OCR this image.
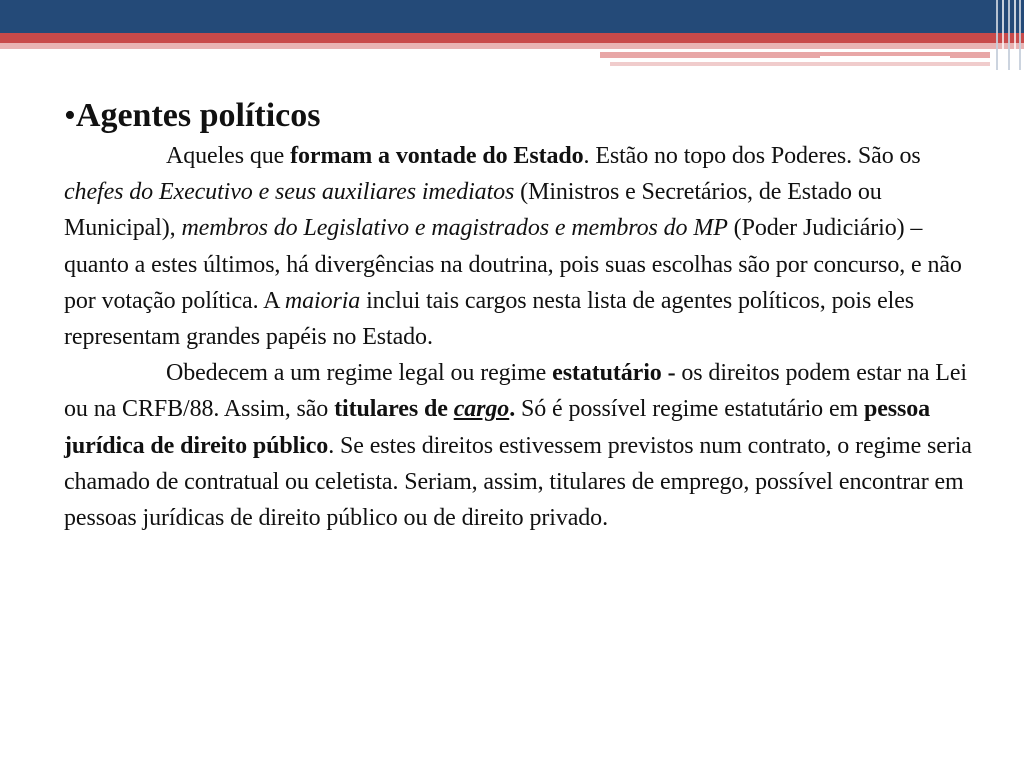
•Agentes políticos

Aqueles que formam a vontade do Estado. Estão no topo dos Poderes. São os chefes do Executivo e seus auxiliares imediatos (Ministros e Secretários, de Estado ou Municipal), membros do Legislativo e magistrados e membros do MP (Poder Judiciário) – quanto a estes últimos, há divergências na doutrina, pois suas escolhas são por concurso, e não por votação política. A maioria inclui tais cargos nesta lista de agentes políticos, pois eles representam grandes papéis no Estado.

Obedecem a um regime legal ou regime estatutário - os direitos podem estar na Lei ou na CRFB/88. Assim, são titulares de cargo. Só é possível regime estatutário em pessoa jurídica de direito público. Se estes direitos estivessem previstos num contrato, o regime seria chamado de contratual ou celetista. Seriam, assim, titulares de emprego, possível encontrar em pessoas jurídicas de direito público ou de direito privado.
